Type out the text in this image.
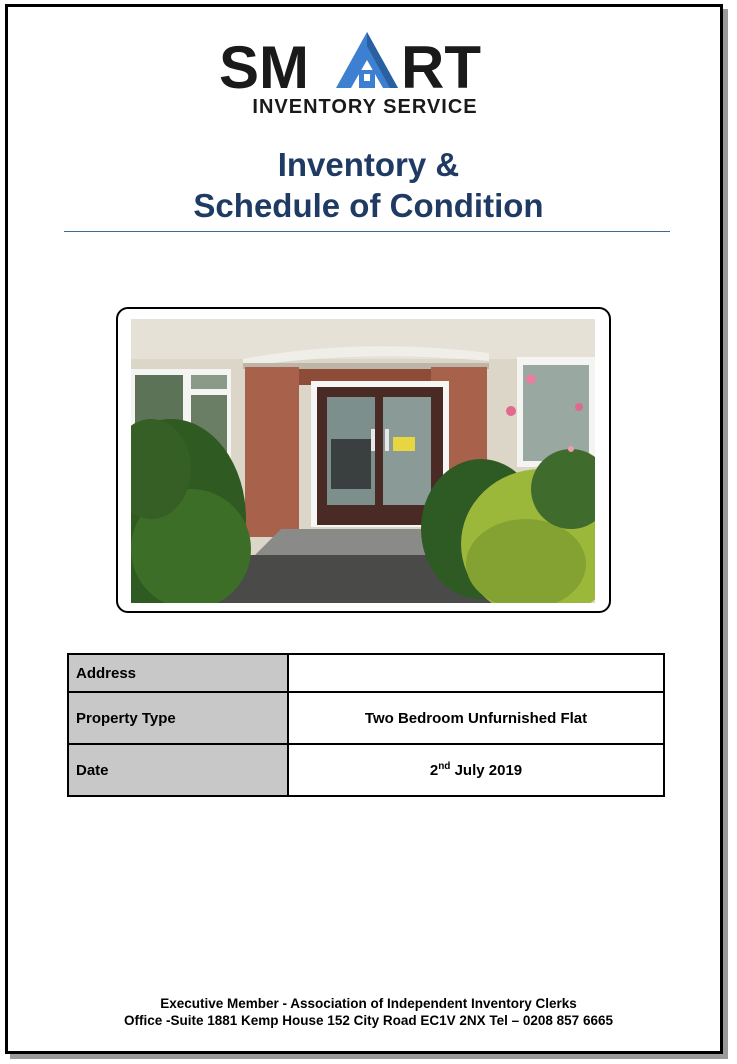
SM RT
INVENTORY SERVICE
Inventory &
Schedule of Condition
Address	
Property Type	Two Bedroom Unfurnished Flat
Date	2nd July 2019
Executive Member - Association of Independent Inventory Clerks
Office -Suite 1881 Kemp House 152 City Road EC1V 2NX Tel – 0208 857 6665
